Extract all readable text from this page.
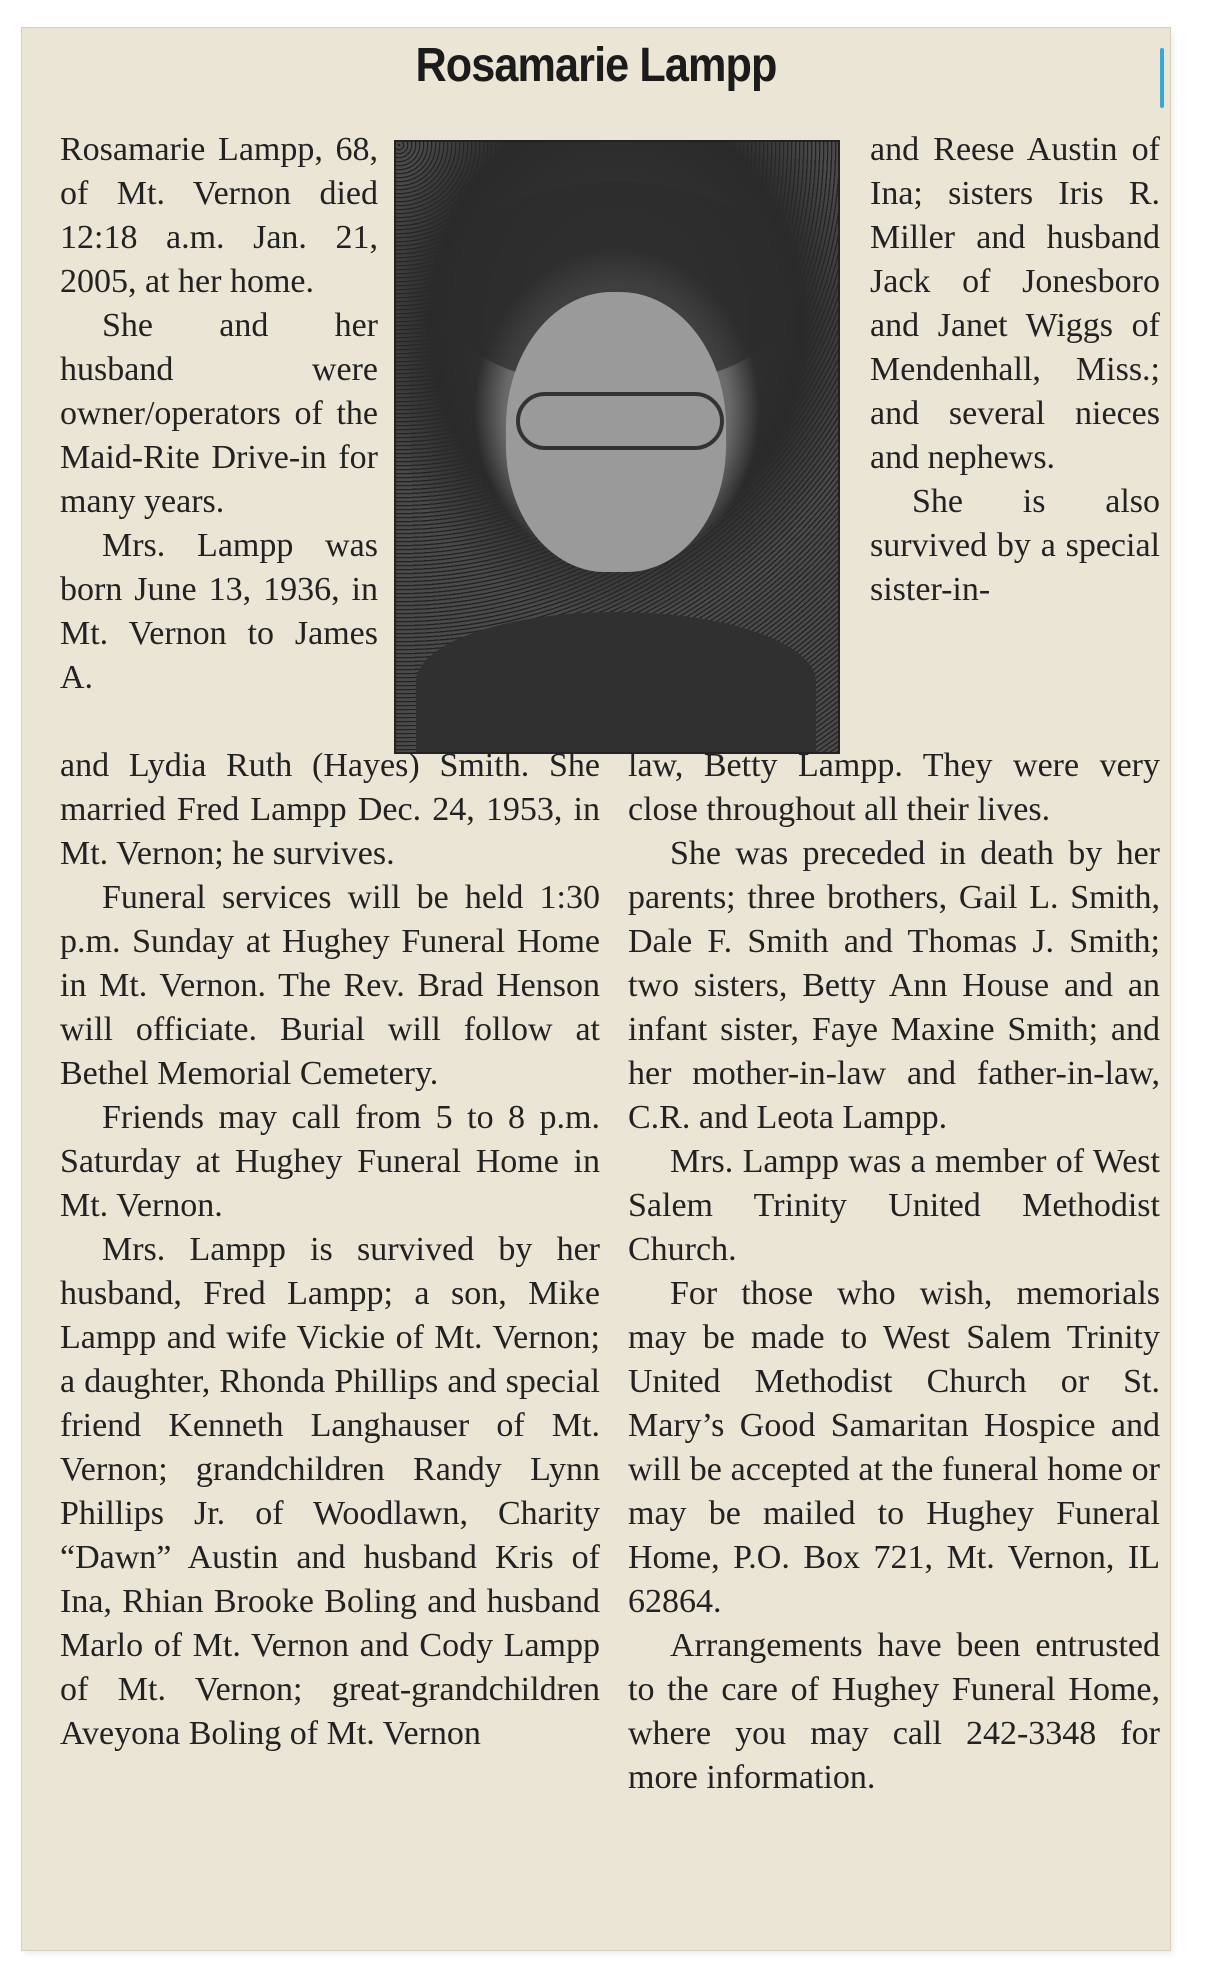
Rosamarie Lampp

Rosamarie Lampp, 68, of Mt. Vernon died 12:18 a.m. Jan. 21, 2005, at her home.

She and her husband were owner/operators of the Maid-Rite Drive-in for many years.

Mrs. Lampp was born June 13, 1936, in Mt. Vernon to James A.

and Lydia Ruth (Hayes) Smith. She married Fred Lampp Dec. 24, 1953, in Mt. Vernon; he survives.

Funeral services will be held 1:30 p.m. Sunday at Hughey Funeral Home in Mt. Vernon. The Rev. Brad Henson will officiate. Burial will follow at Bethel Memorial Cemetery.

Friends may call from 5 to 8 p.m. Saturday at Hughey Funeral Home in Mt. Vernon.

Mrs. Lampp is survived by her husband, Fred Lampp; a son, Mike Lampp and wife Vickie of Mt. Vernon; a daughter, Rhonda Phillips and special friend Kenneth Langhauser of Mt. Vernon; grandchildren Randy Lynn Phillips Jr. of Woodlawn, Charity “Dawn” Austin and husband Kris of Ina, Rhian Brooke Boling and husband Marlo of Mt. Vernon and Cody Lampp of Mt. Vernon; great-grandchildren Aveyona Boling of Mt. Vernon

and Reese Austin of Ina; sisters Iris R. Miller and husband Jack of Jonesboro and Janet Wiggs of Mendenhall, Miss.; and several nieces and nephews.

She is also survived by a special sister-in-

law, Betty Lampp. They were very close throughout all their lives.

She was preceded in death by her parents; three brothers, Gail L. Smith, Dale F. Smith and Thomas J. Smith; two sisters, Betty Ann House and an infant sister, Faye Maxine Smith; and her mother-in-law and father-in-law, C.R. and Leota Lampp.

Mrs. Lampp was a member of West Salem Trinity United Methodist Church.

For those who wish, memorials may be made to West Salem Trinity United Methodist Church or St. Mary’s Good Samaritan Hospice and will be accepted at the funeral home or may be mailed to Hughey Funeral Home, P.O. Box 721, Mt. Vernon, IL 62864.

Arrangements have been entrusted to the care of Hughey Funeral Home, where you may call 242-3348 for more information.
